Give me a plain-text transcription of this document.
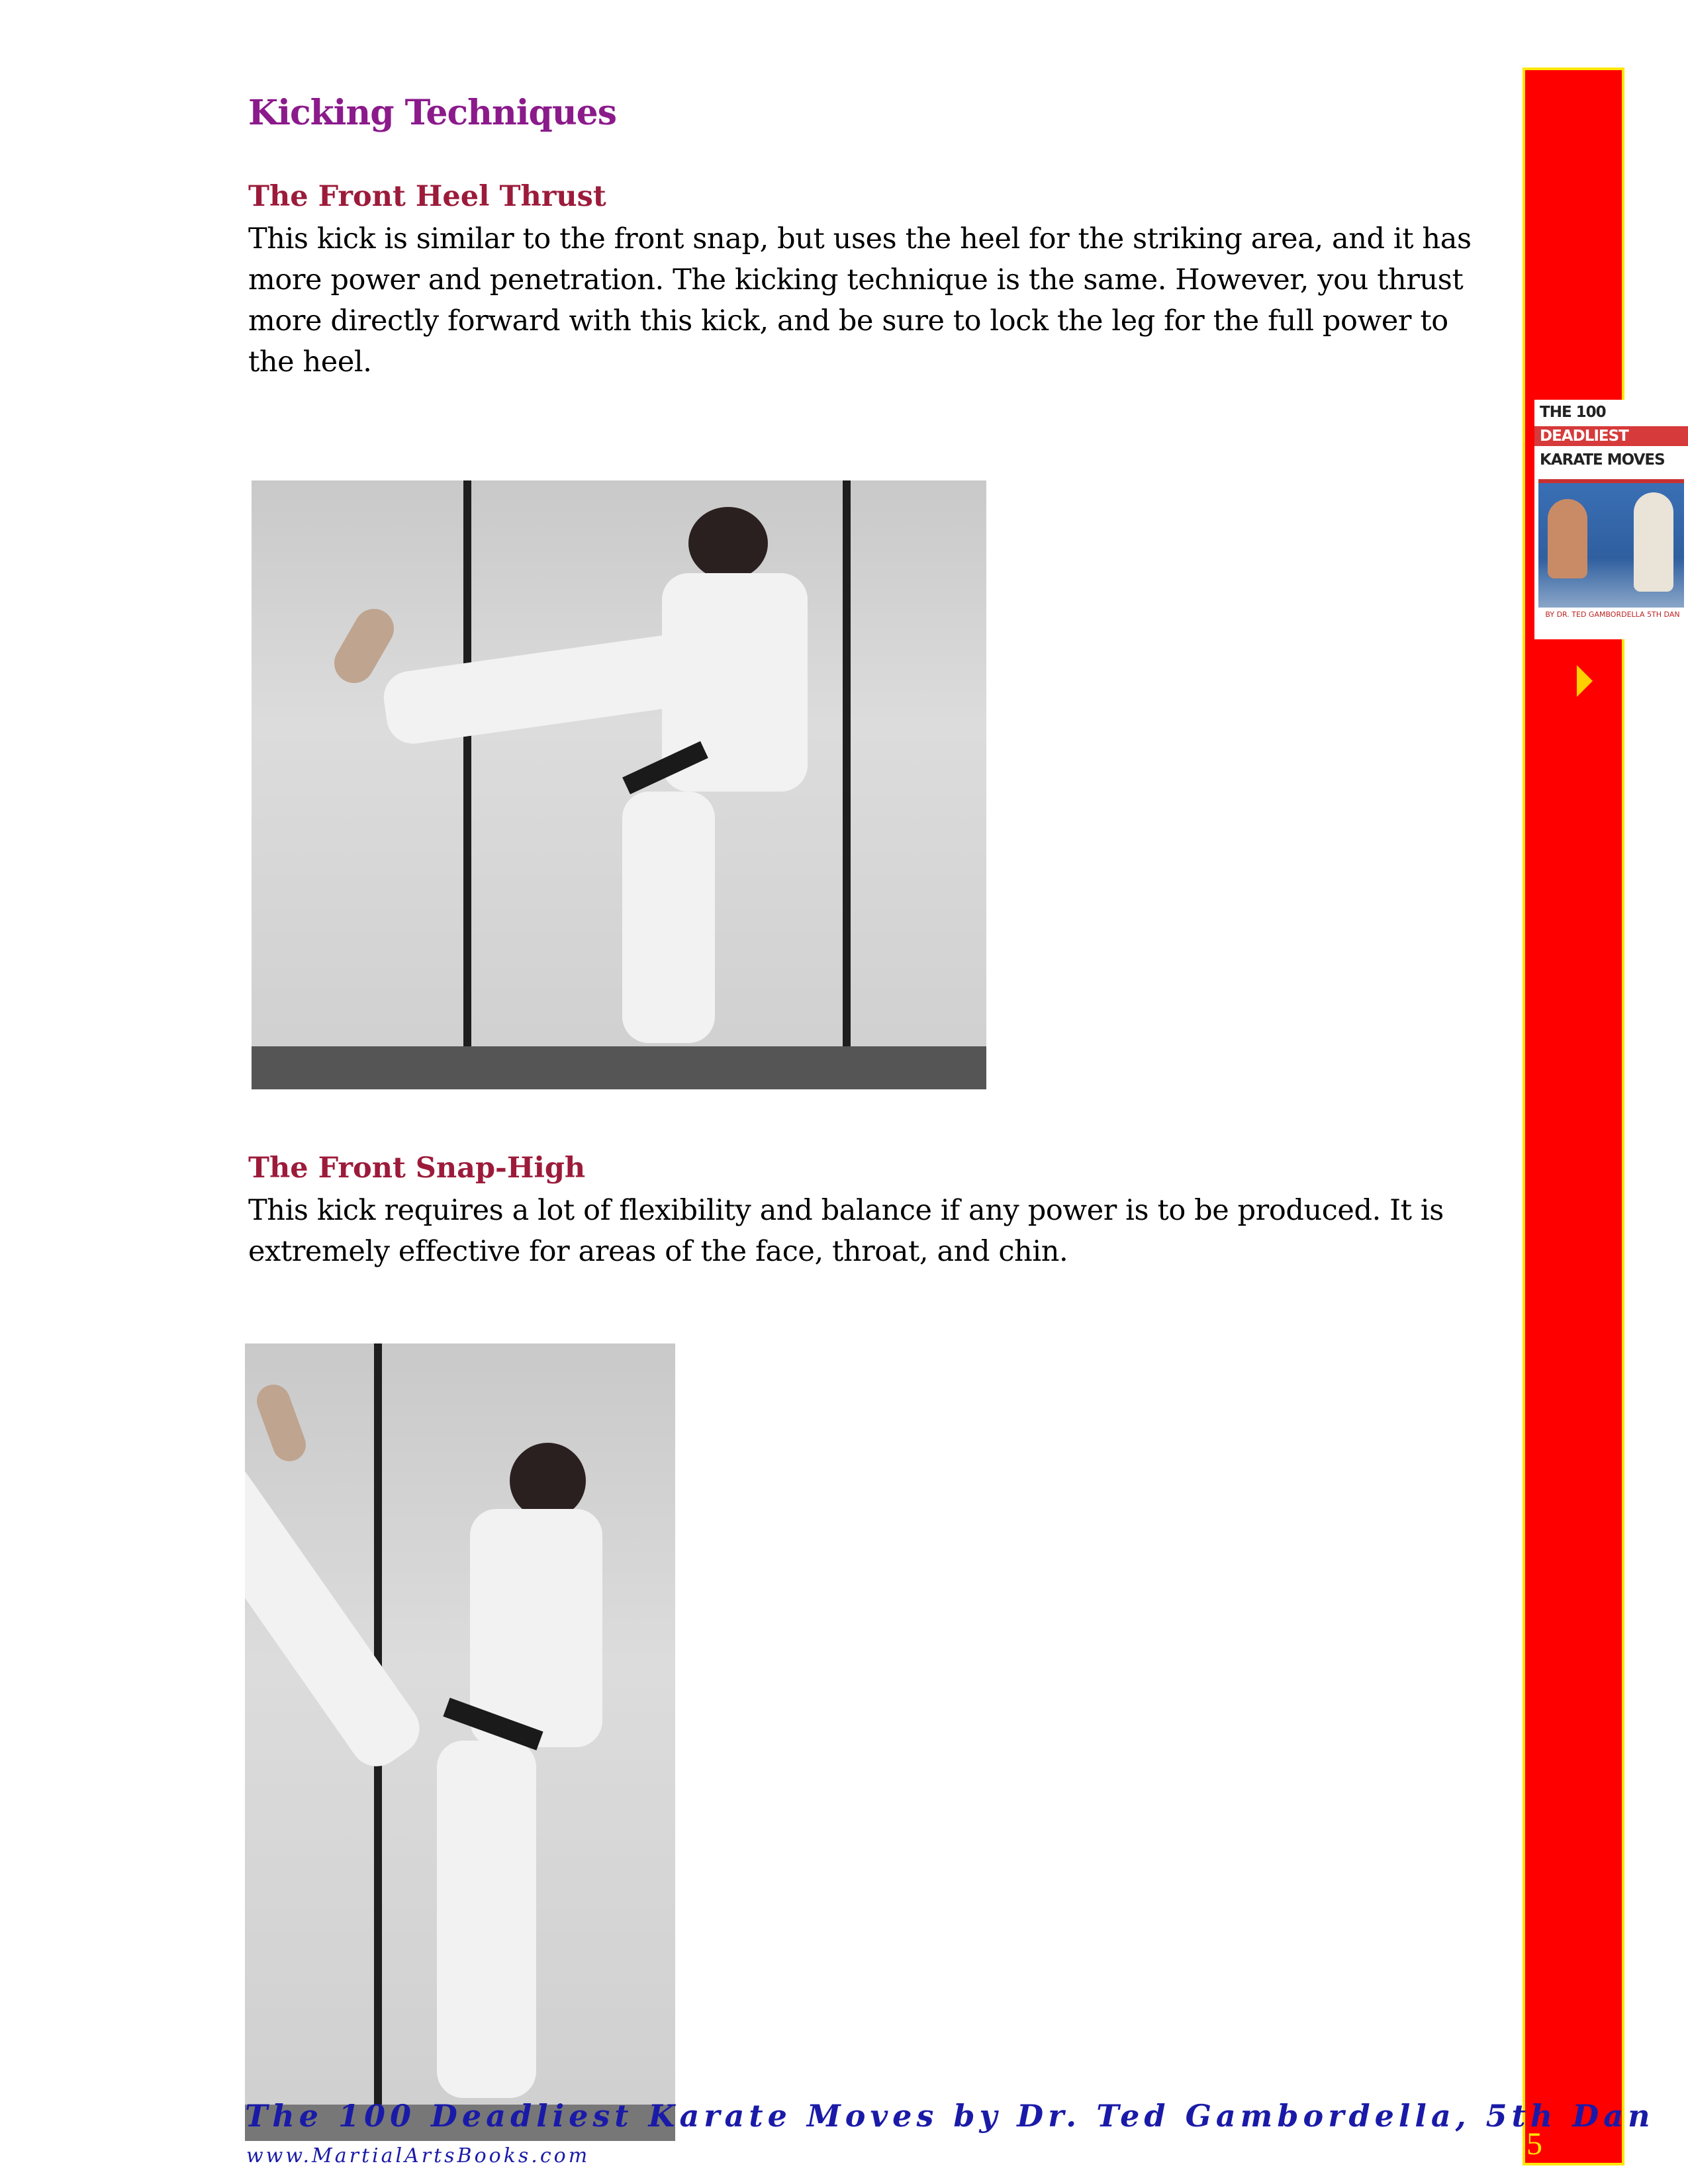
Kicking Techniques
The Front Heel Thrust
This kick is similar to the front snap, but uses the heel for the striking area, and it has more power and penetration. The kicking technique is the same. However, you thrust more directly forward with this kick, and be sure to lock the leg for the full power to the heel.
The Front Snap-High
This kick requires a lot of flexibility and balance if any power is to be produced. It is extremely effective for areas of the face, throat, and chin.
THE 100
DEADLIEST
KARATE MOVES
BY DR. TED GAMBORDELLA 5TH DAN
5
The 100 Deadliest Karate Moves by Dr. Ted Gambordella, 5th Dan
www.MartialArtsBooks.com
